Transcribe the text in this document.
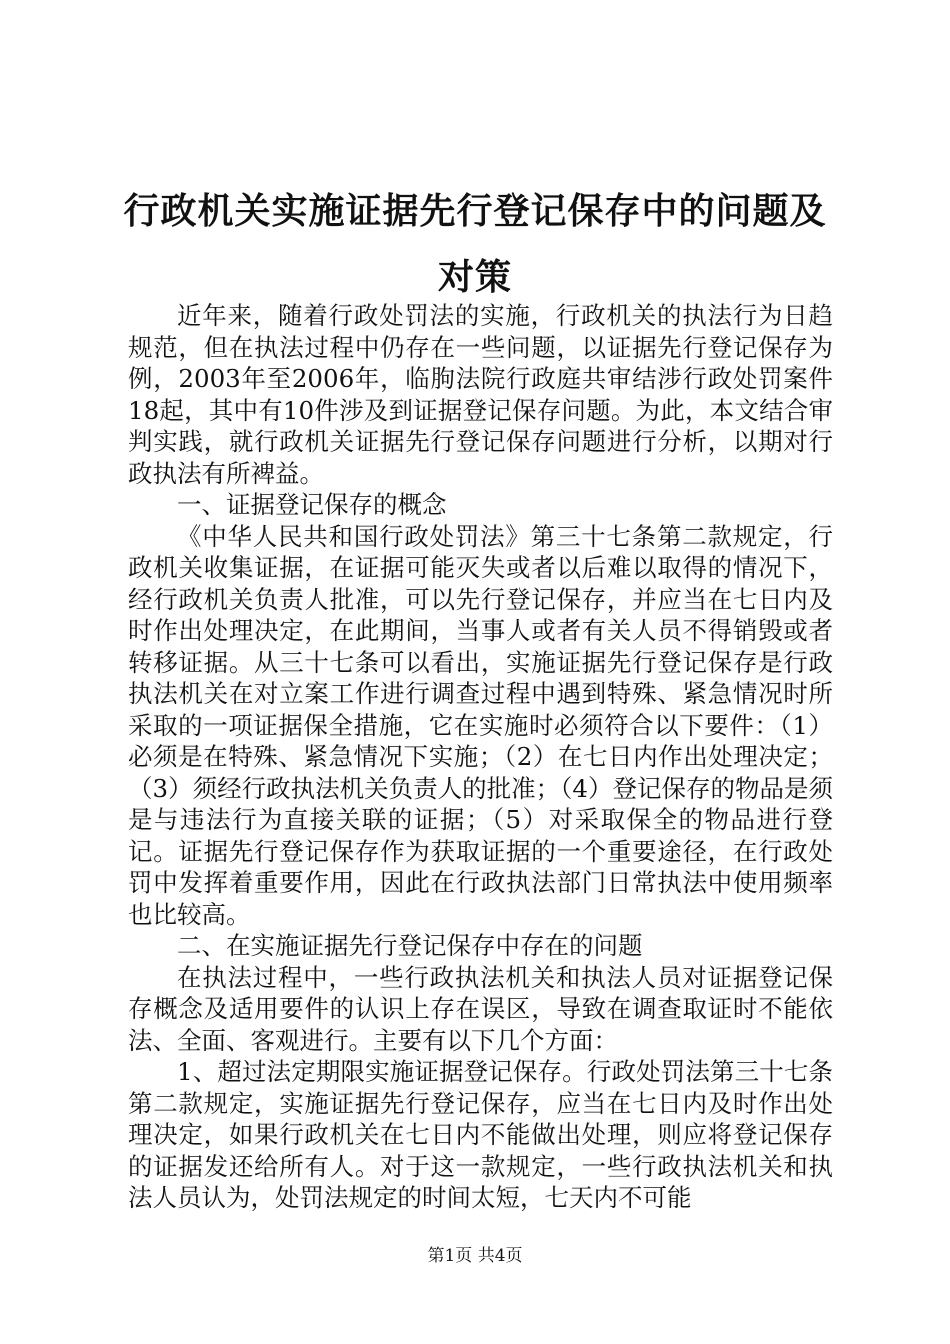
行政机关实施证据先行登记保存中的问题及对策

近年来，随着行政处罚法的实施，行政机关的执法行为日趋规范，但在执法过程中仍存在一些问题，以证据先行登记保存为例，2003年至2006年，临朐法院行政庭共审结涉行政处罚案件18起，其中有10件涉及到证据登记保存问题。为此，本文结合审判实践，就行政机关证据先行登记保存问题进行分析，以期对行政执法有所裨益。

一、证据登记保存的概念

《中华人民共和国行政处罚法》第三十七条第二款规定，行政机关收集证据，在证据可能灭失或者以后难以取得的情况下，经行政机关负责人批准，可以先行登记保存，并应当在七日内及时作出处理决定，在此期间，当事人或者有关人员不得销毁或者转移证据。从三十七条可以看出，实施证据先行登记保存是行政执法机关在对立案工作进行调查过程中遇到特殊、紧急情况时所采取的一项证据保全措施，它在实施时必须符合以下要件：（1）必须是在特殊、紧急情况下实施；（2）在七日内作出处理决定；（3）须经行政执法机关负责人的批准；（4）登记保存的物品是须是与违法行为直接关联的证据；（5）对采取保全的物品进行登记。证据先行登记保存作为获取证据的一个重要途径，在行政处罚中发挥着重要作用，因此在行政执法部门日常执法中使用频率也比较高。

二、在实施证据先行登记保存中存在的问题

在执法过程中，一些行政执法机关和执法人员对证据登记保存概念及适用要件的认识上存在误区，导致在调查取证时不能依法、全面、客观进行。主要有以下几个方面：

1、超过法定期限实施证据登记保存。行政处罚法第三十七条第二款规定，实施证据先行登记保存，应当在七日内及时作出处理决定，如果行政机关在七日内不能做出处理，则应将登记保存的证据发还给所有人。对于这一款规定，一些行政执法机关和执法人员认为，处罚法规定的时间太短，七天内不可能

第1页 共4页
